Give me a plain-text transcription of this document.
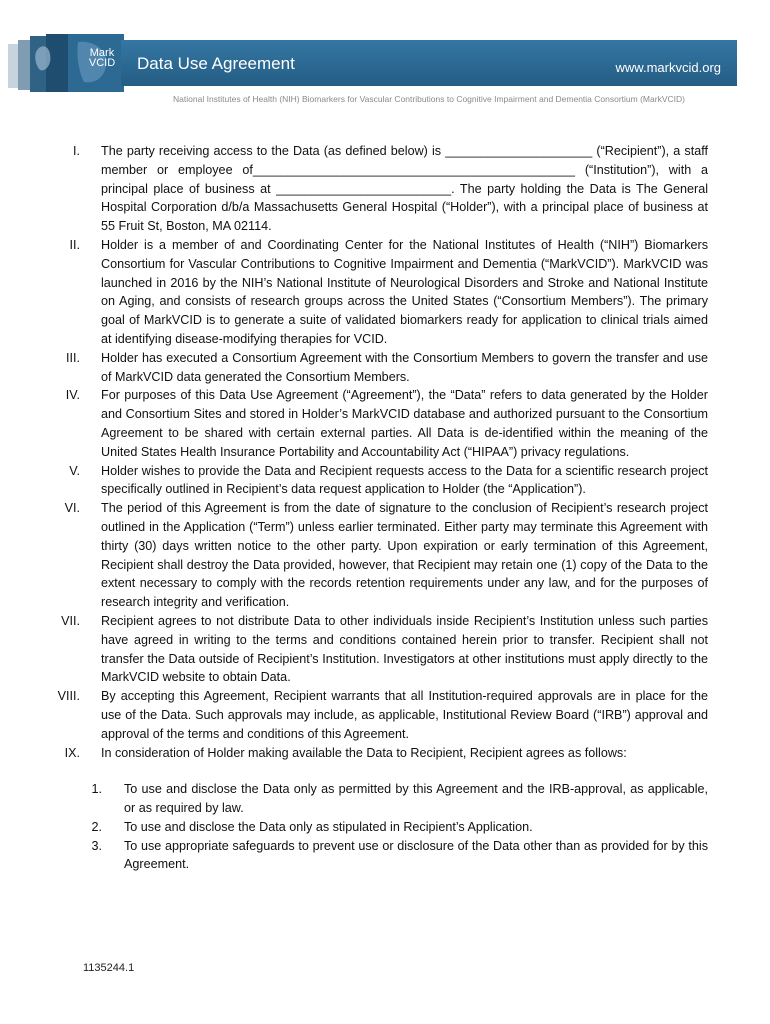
Mark
VCID	Data Use Agreement	www.markvcid.org
National Institutes of Health (NIH) Biomarkers for Vascular Contributions to Cognitive Impairment and Dementia Consortium (MarkVCID)

I. The party receiving access to the Data (as defined below) is _____________________ (“Recipient”), a staff member or employee of______________________________________________ (“Institution”), with a principal place of business at _________________________. The party holding the Data is The General Hospital Corporation d/b/a Massachusetts General Hospital (“Holder”), with a principal place of business at 55 Fruit St, Boston, MA 02114.

II. Holder is a member of and Coordinating Center for the National Institutes of Health (“NIH”) Biomarkers Consortium for Vascular Contributions to Cognitive Impairment and Dementia (“MarkVCID”). MarkVCID was launched in 2016 by the NIH’s National Institute of Neurological Disorders and Stroke and National Institute on Aging, and consists of research groups across the United States (“Consortium Members”). The primary goal of MarkVCID is to generate a suite of validated biomarkers ready for application to clinical trials aimed at identifying disease-modifying therapies for VCID.

III. Holder has executed a Consortium Agreement with the Consortium Members to govern the transfer and use of MarkVCID data generated the Consortium Members.

IV. For purposes of this Data Use Agreement (“Agreement”), the “Data” refers to data generated by the Holder and Consortium Sites and stored in Holder’s MarkVCID database and authorized pursuant to the Consortium Agreement to be shared with certain external parties. All Data is de-identified within the meaning of the United States Health Insurance Portability and Accountability Act (“HIPAA”) privacy regulations.

V. Holder wishes to provide the Data and Recipient requests access to the Data for a scientific research project specifically outlined in Recipient’s data request application to Holder (the “Application”).

VI. The period of this Agreement is from the date of signature to the conclusion of Recipient’s research project outlined in the Application (“Term”) unless earlier terminated. Either party may terminate this Agreement with thirty (30) days written notice to the other party. Upon expiration or early termination of this Agreement, Recipient shall destroy the Data provided, however, that Recipient may retain one (1) copy of the Data to the extent necessary to comply with the records retention requirements under any law, and for the purposes of research integrity and verification.

VII. Recipient agrees to not distribute Data to other individuals inside Recipient’s Institution unless such parties have agreed in writing to the terms and conditions contained herein prior to transfer. Recipient shall not transfer the Data outside of Recipient’s Institution. Investigators at other institutions must apply directly to the MarkVCID website to obtain Data.

VIII. By accepting this Agreement, Recipient warrants that all Institution-required approvals are in place for the use of the Data. Such approvals may include, as applicable, Institutional Review Board (“IRB”) approval and approval of the terms and conditions of this Agreement.

IX. In consideration of Holder making available the Data to Recipient, Recipient agrees as follows:

1. To use and disclose the Data only as permitted by this Agreement and the IRB-approval, as applicable, or as required by law.

2. To use and disclose the Data only as stipulated in Recipient’s Application.

3. To use appropriate safeguards to prevent use or disclosure of the Data other than as provided for by this Agreement.

1135244.1
